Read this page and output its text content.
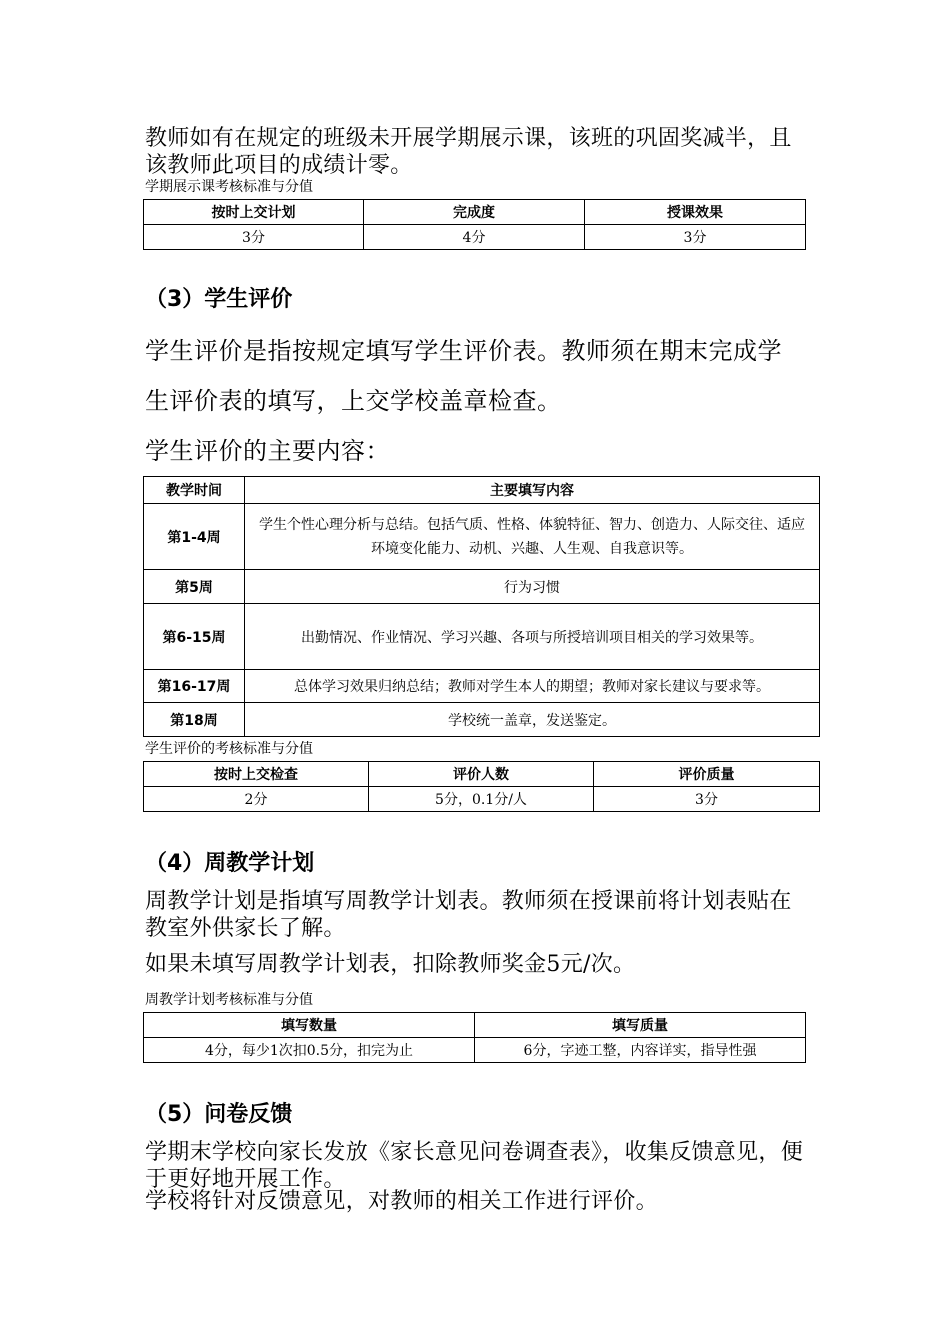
教师如有在规定的班级未开展学期展示课，该班的巩固奖减半，且该教师此项目的成绩计零。
学期展示课考核标准与分值
按时上交计划	完成度	授课效果
3分	4分	3分
（3）学生评价
学生评价是指按规定填写学生评价表。教师须在期末完成学
生评价表的填写，上交学校盖章检查。
学生评价的主要内容：
教学时间	主要填写内容
第1-4周	学生个性心理分析与总结。包括气质、性格、体貌特征、智力、创造力、人际交往、适应环境变化能力、动机、兴趣、人生观、自我意识等。
第5周	行为习惯
第6-15周	出勤情况、作业情况、学习兴趣、各项与所授培训项目相关的学习效果等。
第16-17周	总体学习效果归纳总结；教师对学生本人的期望；教师对家长建议与要求等。
第18周	学校统一盖章，发送鉴定。
学生评价的考核标准与分值
按时上交检查	评价人数	评价质量
2分	5分，0.1分/人	3分
（4）周教学计划
周教学计划是指填写周教学计划表。教师须在授课前将计划表贴在教室外供家长了解。
如果未填写周教学计划表，扣除教师奖金5元/次。
周教学计划考核标准与分值
填写数量	填写质量
4分，每少1次扣0.5分，扣完为止	6分，字迹工整，内容详实，指导性强
（5）问卷反馈
学期末学校向家长发放《家长意见问卷调查表》，收集反馈意见，便于更好地开展工作。
学校将针对反馈意见，对教师的相关工作进行评价。
